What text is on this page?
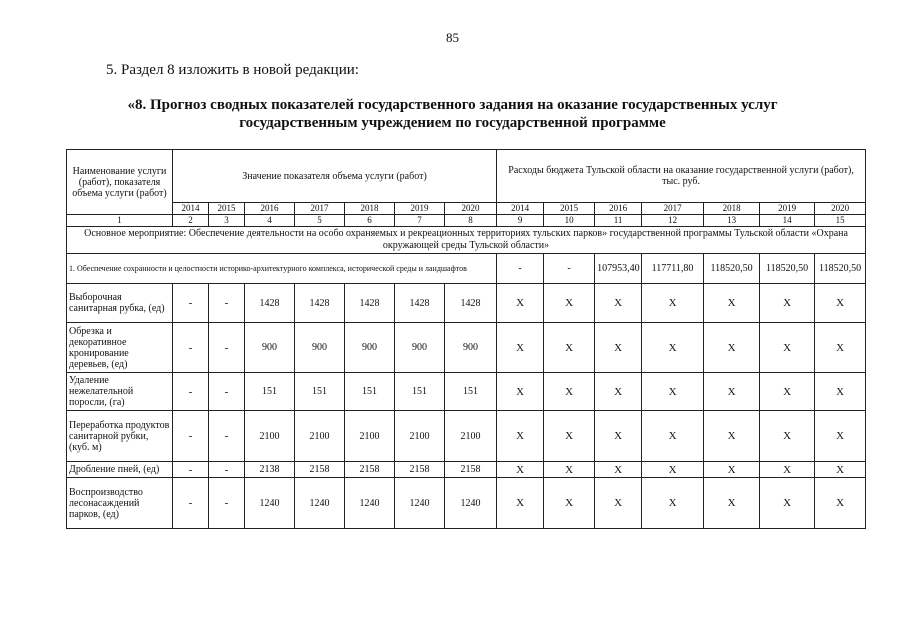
85
5. Раздел 8 изложить в новой редакции:
«8. Прогноз сводных показателей государственного задания на оказание государственных услуг
государственным учреждением по государственной программе
Наименование услуги (работ), показателя объема услуги (работ)	Значение показателя объема услуги (работ)							Расходы бюджета Тульской области на оказание государственной услуги (работ), тыс. руб.						
	2014	2015	2016	2017	2018	2019	2020	2014	2015	2016	2017	2018	2019	2020
1	2	3	4	5	6	7	8	9	10	11	12	13	14	15
Основное мероприятие: Обеспечение деятельности на особо охраняемых и рекреационных территориях тульских парков» государственной программы Тульской области «Охрана окружающей среды Тульской области»														
1. Обеспечение сохранности и целостности историко-архитектурного комплекса, исторической среды и ландшафтов								-	-	107953,40	117711,80	118520,50	118520,50	118520,50
Выборочная санитарная рубка, (ед)	-	-	1428	1428	1428	1428	1428	X	X	X	X	X	X	X
Обрезка и декоративное кронирование деревьев, (ед)	-	-	900	900	900	900	900	X	X	X	X	X	X	X
Удаление нежелательной поросли, (га)	-	-	151	151	151	151	151	X	X	X	X	X	X	X
Переработка продуктов санитарной рубки, (куб. м)	-	-	2100	2100	2100	2100	2100	X	X	X	X	X	X	X
Дробление пней, (ед)	-	-	2138	2158	2158	2158	2158	X	X	X	X	X	X	X
Воспроизводство лесонасаждений парков, (ед)	-	-	1240	1240	1240	1240	1240	X	X	X	X	X	X	X
